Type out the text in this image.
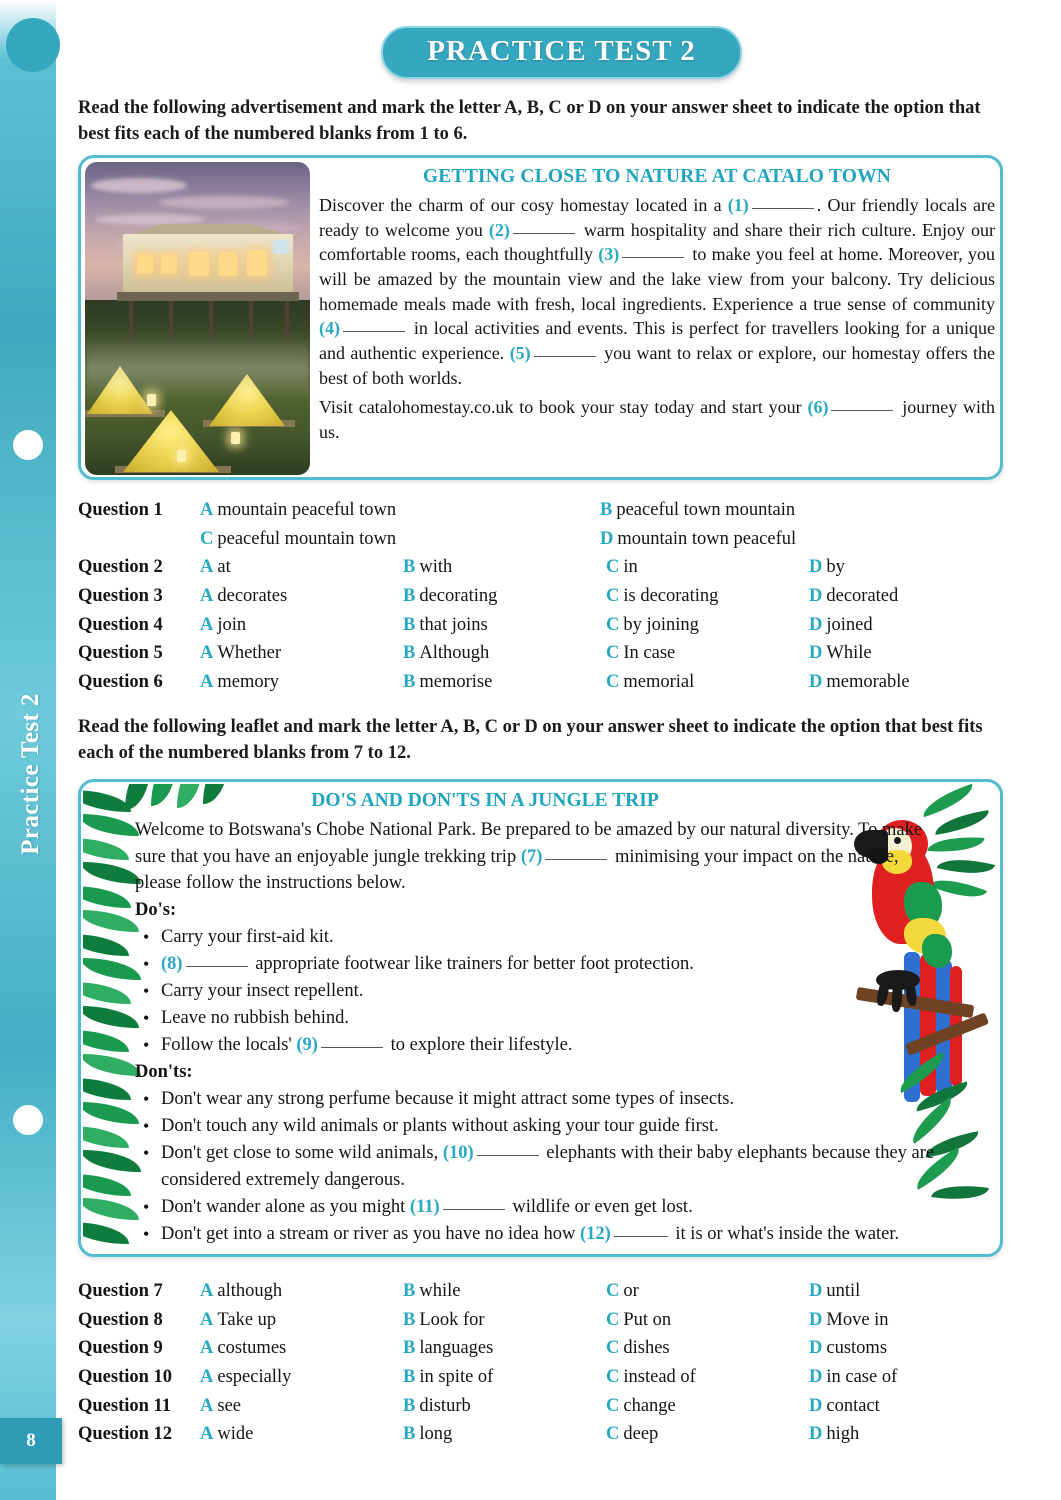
Practice Test 2
8
PRACTICE TEST 2
Read the following advertisement and mark the letter A, B, C or D on your answer sheet to indicate the option that best fits each of the numbered blanks from 1 to 6.
GETTING CLOSE TO NATURE AT CATALO TOWN
Discover the charm of our cosy homestay located in a (1)	. Our friendly locals are ready to welcome you (2)	warm hospitality and share their rich culture. Enjoy our comfortable rooms, each thoughtfully (3)	to make you feel at home. Moreover, you will be amazed by the mountain view and the lake view from your balcony. Try delicious homemade meals made with fresh, local ingredients. Experience a true sense of community (4)	in local activities and events. This is perfect for travellers looking for a unique and authentic experience. (5)	you want to relax or explore, our homestay offers the best of both worlds.
Visit catalohomestay.co.uk to book your stay today and start your (6)	journey with us.
Question 1	A mountain peaceful town	B peaceful town mountain
C peaceful mountain town	D mountain town peaceful
Question 2	A at	B with	C in	D by
Question 3	A decorates	B decorating	C is decorating	D decorated
Question 4	A join	B that joins	C by joining	D joined
Question 5	A Whether	B Although	C In case	D While
Question 6	A memory	B memorise	C memorial	D memorable
Read the following leaflet and mark the letter A, B, C or D on your answer sheet to indicate the option that best fits each of the numbered blanks from 7 to 12.
DO'S AND DON'TS IN A JUNGLE TRIP
Welcome to Botswana's Chobe National Park. Be prepared to be amazed by our natural diversity. To make sure that you have an enjoyable jungle trekking trip (7)	minimising your impact on the nature, please follow the instructions below.
Do's:
• Carry your first-aid kit.
• (8)	appropriate footwear like trainers for better foot protection.
• Carry your insect repellent.
• Leave no rubbish behind.
• Follow the locals' (9)	to explore their lifestyle.
Don'ts:
• Don't wear any strong perfume because it might attract some types of insects.
• Don't touch any wild animals or plants without asking your tour guide first.
• Don't get close to some wild animals, (10)	elephants with their baby elephants because they are considered extremely dangerous.
• Don't wander alone as you might (11)	wildlife or even get lost.
• Don't get into a stream or river as you have no idea how (12)	it is or what's inside the water.
Question 7	A although	B while	C or	D until
Question 8	A Take up	B Look for	C Put on	D Move in
Question 9	A costumes	B languages	C dishes	D customs
Question 10	A especially	B in spite of	C instead of	D in case of
Question 11	A see	B disturb	C change	D contact
Question 12	A wide	B long	C deep	D high
